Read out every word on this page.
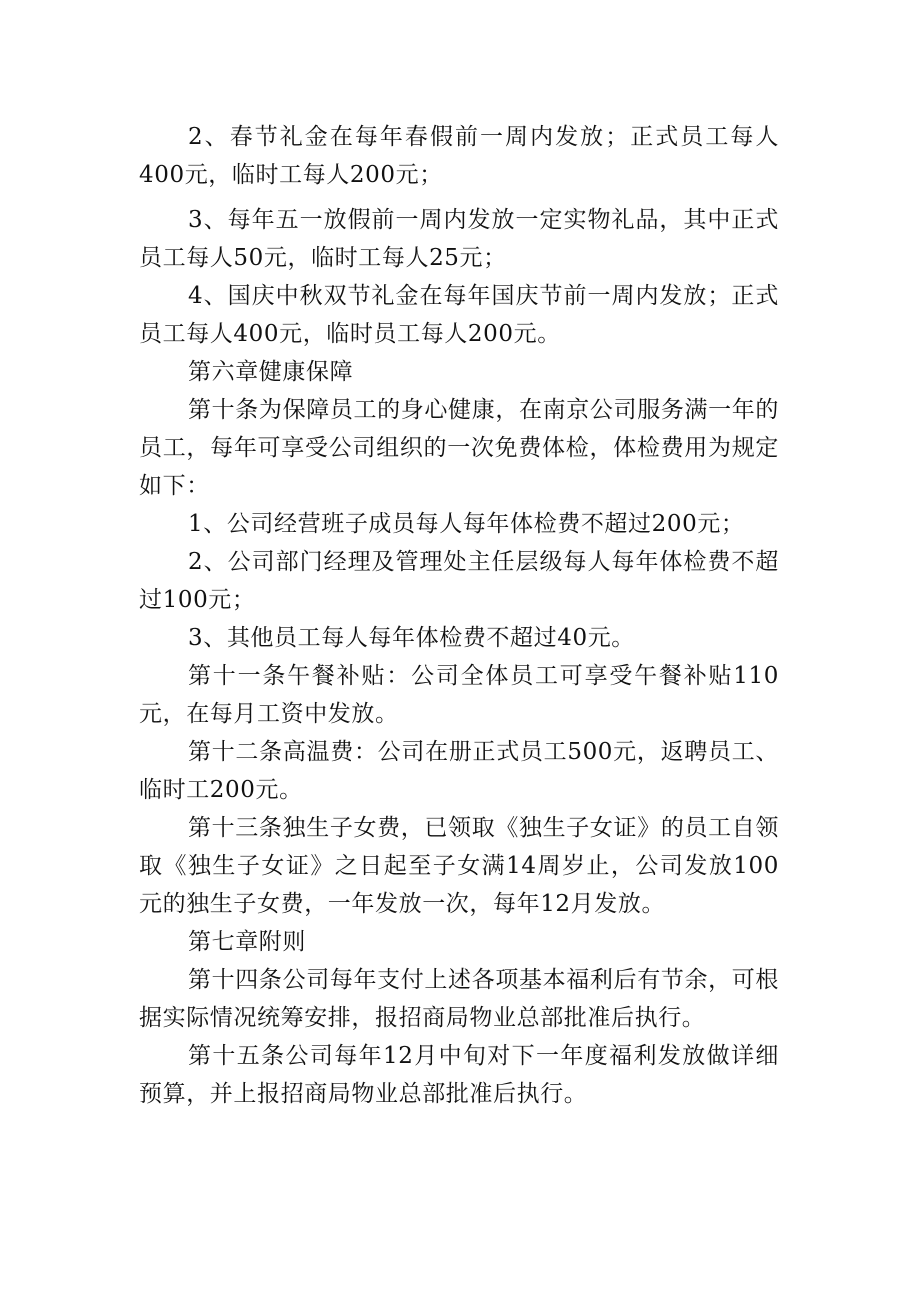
2、春节礼金在每年春假前一周内发放；正式员工每人400元，临时工每人200元；

3、每年五一放假前一周内发放一定实物礼品，其中正式员工每人50元，临时工每人25元；

4、国庆中秋双节礼金在每年国庆节前一周内发放；正式员工每人400元，临时员工每人200元。

第六章健康保障

第十条为保障员工的身心健康，在南京公司服务满一年的员工，每年可享受公司组织的一次免费体检，体检费用为规定如下：

1、公司经营班子成员每人每年体检费不超过200元；

2、公司部门经理及管理处主任层级每人每年体检费不超过100元；

3、其他员工每人每年体检费不超过40元。

第十一条午餐补贴：公司全体员工可享受午餐补贴110元，在每月工资中发放。

第十二条高温费：公司在册正式员工500元，返聘员工、临时工200元。

第十三条独生子女费，已领取《独生子女证》的员工自领取《独生子女证》之日起至子女满14周岁止，公司发放100元的独生子女费，一年发放一次，每年12月发放。

第七章附则

第十四条公司每年支付上述各项基本福利后有节余，可根据实际情况统筹安排，报招商局物业总部批准后执行。

第十五条公司每年12月中旬对下一年度福利发放做详细预算，并上报招商局物业总部批准后执行。
